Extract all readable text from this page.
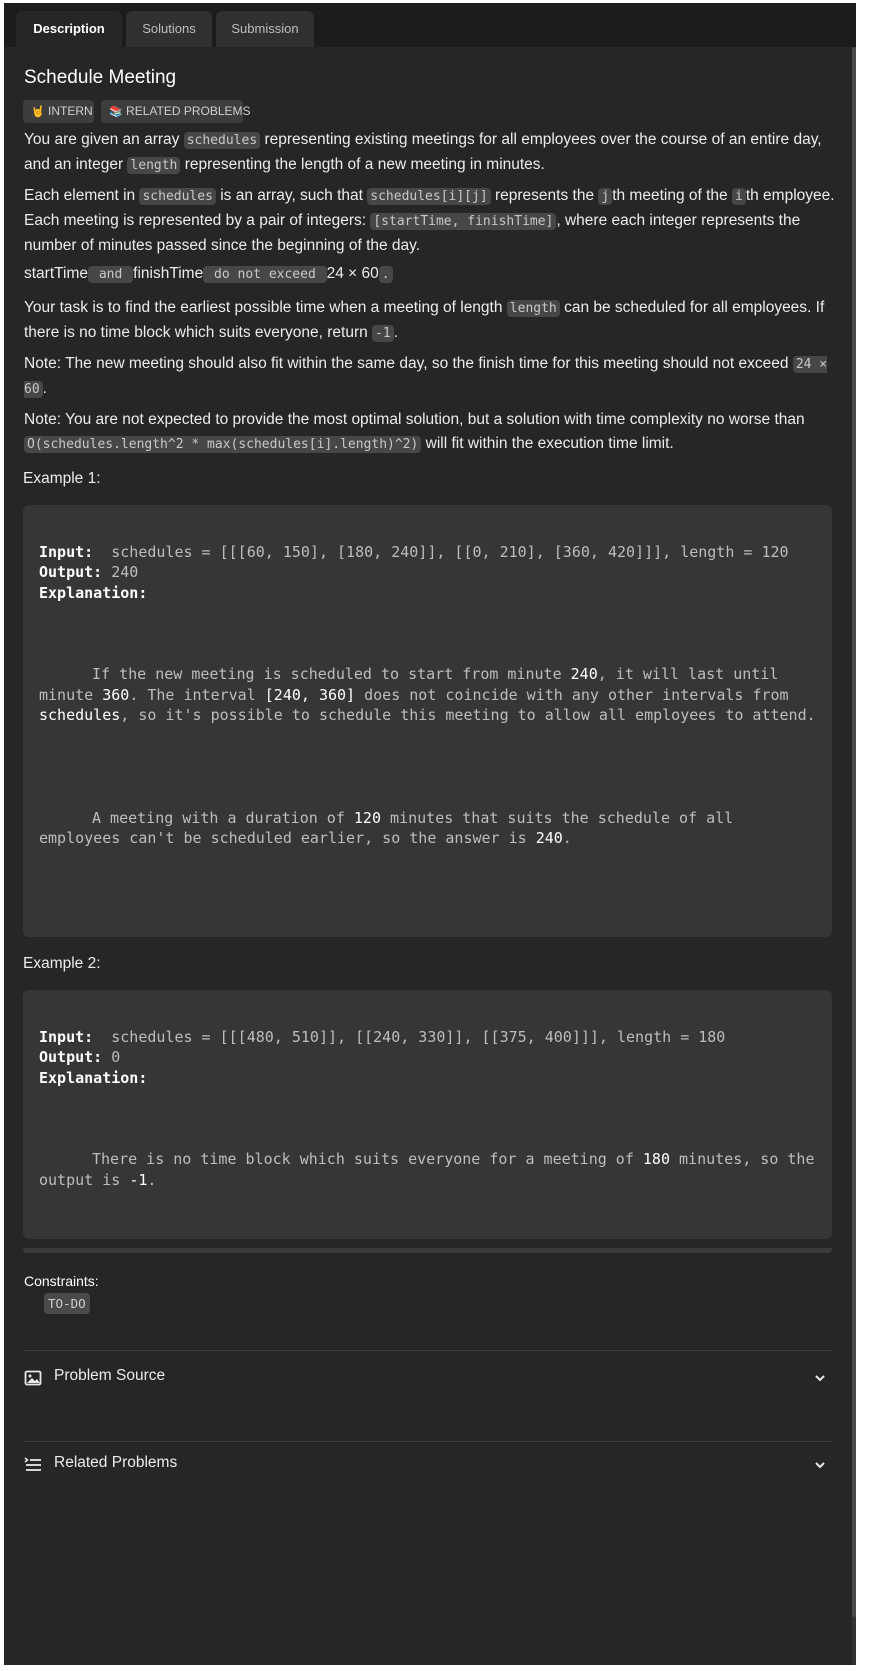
Description	Solutions	Submission
Schedule Meeting
🤘 INTERN	📚 RELATED PROBLEMS

You are given an array schedules representing existing meetings for all employees over the course of an entire day, and an integer length representing the length of a new meeting in minutes.

Each element in schedules is an array, such that schedules[i][j] represents the j th meeting of the i th employee. Each meeting is represented by a pair of integers: [startTime, finishTime] , where each integer represents the number of minutes passed since the beginning of the day.

startTime and finishTime do not exceed 24 × 60 .

Your task is to find the earliest possible time when a meeting of length length can be scheduled for all employees. If there is no time block which suits everyone, return -1 .

Note: The new meeting should also fit within the same day, so the finish time for this meeting should not exceed 24 × 60 .

Note: You are not expected to provide the most optimal solution, but a solution with time complexity no worse than O(schedules.length^2 * max(schedules[i].length)^2) will fit within the execution time limit.

Example 1:

Input: schedules = [[[60, 150], [180, 240]], [[0, 210], [360, 420]]], length = 120
Output: 240
Explanation:
If the new meeting is scheduled to start from minute 240, it will last until minute 360. The interval [240, 360] does not coincide with any other intervals from schedules, so it's possible to schedule this meeting to allow all employees to attend.
A meeting with a duration of 120 minutes that suits the schedule of all employees can't be scheduled earlier, so the answer is 240.

Example 2:

Input: schedules = [[[480, 510]], [[240, 330]], [[375, 400]]], length = 180
Output: 0
Explanation:
There is no time block which suits everyone for a meeting of 180 minutes, so the output is -1.

Constraints:
TO-DO
Problem Source
Related Problems
